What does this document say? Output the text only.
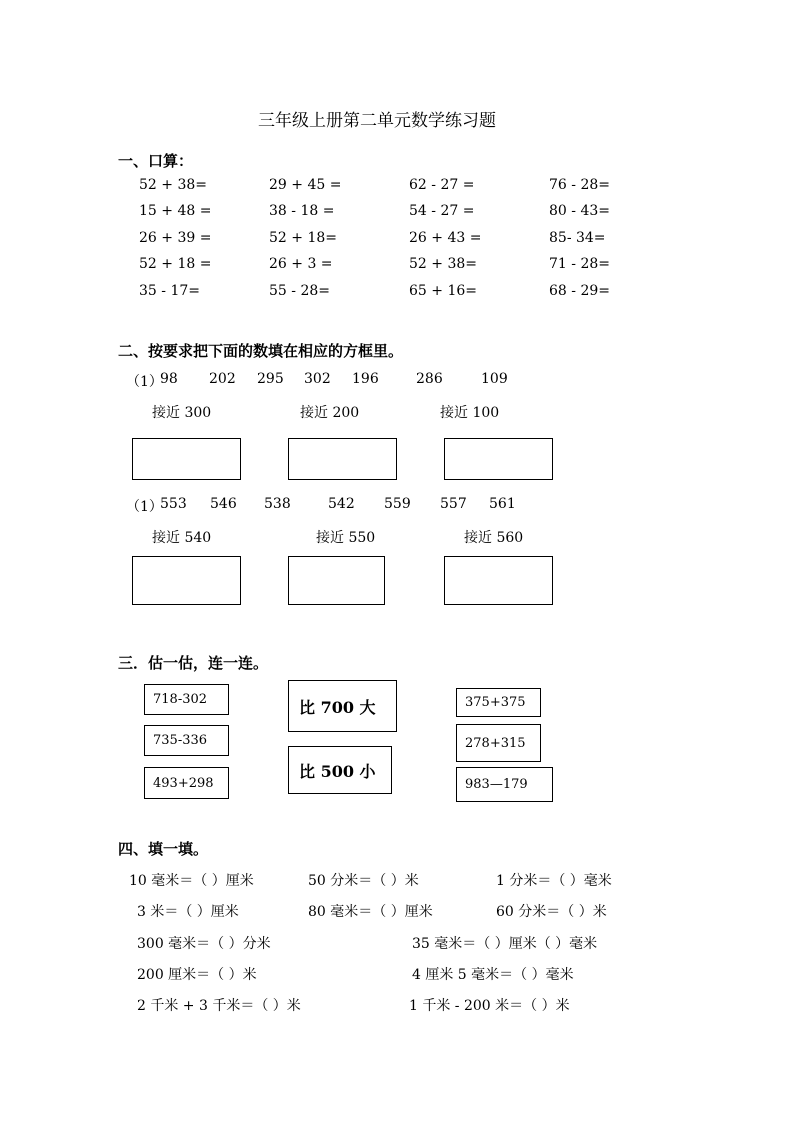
三年级上册第二单元数学练习题
一、口算：
52 + 38=	29 + 45 =	62 - 27 =	76 - 28=
15 + 48 =	38 - 18 =	54 - 27 =	80 - 43=
26 + 39 =	52 + 18=	26 + 43 =	85- 34=
52 + 18 =	26 + 3 =	52 + 38=	71 - 28=
35 - 17=	55 - 28=	65 + 16=	68 - 29=
二、按要求把下面的数填在相应的方框里。
（1）
98 202 295 302 196	286	109
接近 300	接近 200	接近 100
（1）
553 546 538	542 559 557 561
接近 540	接近 550	接近 560
三．估一估，连一连。
718-302
735-336
493+298
比 700 大
比 500 小
375+375
278+315
983—179
四、填一填。
10 毫米＝（ ）厘米	50 分米＝（ ）米	1 分米＝（ ）毫米
3 米＝（ ）厘米	80 毫米＝（ ）厘米	60 分米＝（ ）米
300 毫米＝（ ）分米	35 毫米＝（ ）厘米（ ）毫米
200 厘米＝（ ）米	4 厘米 5 毫米＝（ ）毫米
2 千米 + 3 千米＝（ ）米	1 千米 - 200 米＝（ ）米
